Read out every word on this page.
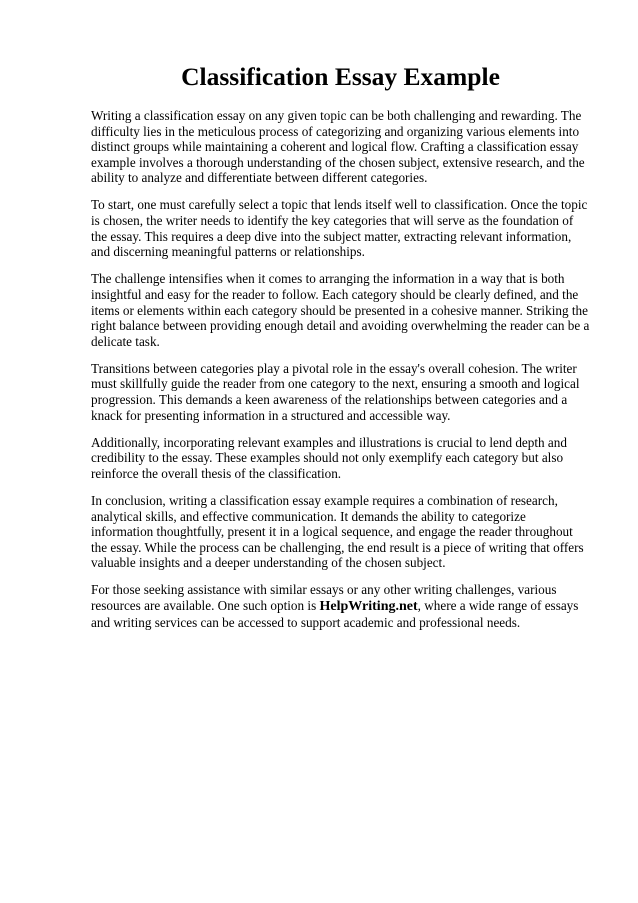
Classification Essay Example

Writing a classification essay on any given topic can be both challenging and rewarding. The difficulty lies in the meticulous process of categorizing and organizing various elements into distinct groups while maintaining a coherent and logical flow. Crafting a classification essay example involves a thorough understanding of the chosen subject, extensive research, and the ability to analyze and differentiate between different categories.

To start, one must carefully select a topic that lends itself well to classification. Once the topic is chosen, the writer needs to identify the key categories that will serve as the foundation of the essay. This requires a deep dive into the subject matter, extracting relevant information, and discerning meaningful patterns or relationships.

The challenge intensifies when it comes to arranging the information in a way that is both insightful and easy for the reader to follow. Each category should be clearly defined, and the items or elements within each category should be presented in a cohesive manner. Striking the right balance between providing enough detail and avoiding overwhelming the reader can be a delicate task.

Transitions between categories play a pivotal role in the essay's overall cohesion. The writer must skillfully guide the reader from one category to the next, ensuring a smooth and logical progression. This demands a keen awareness of the relationships between categories and a knack for presenting information in a structured and accessible way.

Additionally, incorporating relevant examples and illustrations is crucial to lend depth and credibility to the essay. These examples should not only exemplify each category but also reinforce the overall thesis of the classification.

In conclusion, writing a classification essay example requires a combination of research, analytical skills, and effective communication. It demands the ability to categorize information thoughtfully, present it in a logical sequence, and engage the reader throughout the essay. While the process can be challenging, the end result is a piece of writing that offers valuable insights and a deeper understanding of the chosen subject.

For those seeking assistance with similar essays or any other writing challenges, various resources are available. One such option is HelpWriting.net, where a wide range of essays and writing services can be accessed to support academic and professional needs.
